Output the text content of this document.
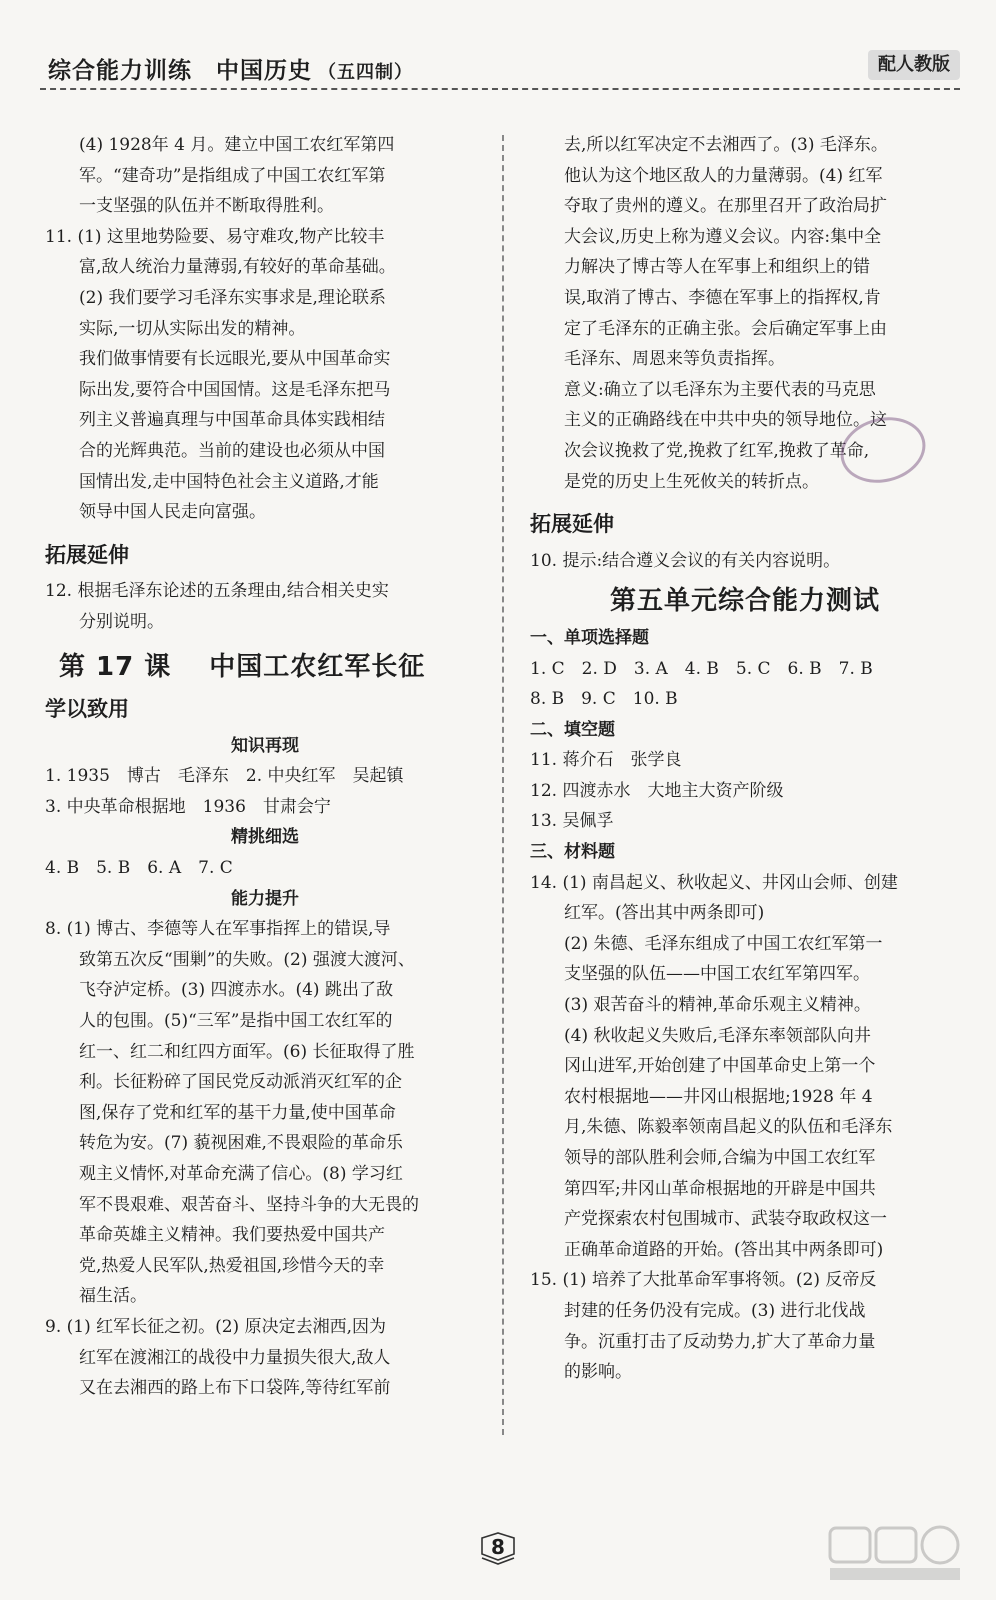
综合能力训练　中国历史 （五四制）	配人教版
(4) 1928年 4 月。建立中国工农红军第四
军。“建奇功”是指组成了中国工农红军第
一支坚强的队伍并不断取得胜利。
11. (1) 这里地势险要、易守难攻,物产比较丰
富,敌人统治力量薄弱,有较好的革命基础。
(2) 我们要学习毛泽东实事求是,理论联系
实际,一切从实际出发的精神。
我们做事情要有长远眼光,要从中国革命实
际出发,要符合中国国情。这是毛泽东把马
列主义普遍真理与中国革命具体实践相结
合的光辉典范。当前的建设也必须从中国
国情出发,走中国特色社会主义道路,才能
领导中国人民走向富强。
拓展延伸
12. 根据毛泽东论述的五条理由,结合相关史实
分别说明。
第 17 课 中国工农红军长征
学以致用
知识再现
1. 1935　博古　毛泽东　2. 中央红军　吴起镇
3. 中央革命根据地　1936　甘肃会宁
精挑细选
4. B　5. B　6. A　7. C
能力提升
8. (1) 博古、李德等人在军事指挥上的错误,导
致第五次反“围剿”的失败。(2) 强渡大渡河、
飞夺泸定桥。(3) 四渡赤水。(4) 跳出了敌
人的包围。(5)“三军”是指中国工农红军的
红一、红二和红四方面军。(6) 长征取得了胜
利。长征粉碎了国民党反动派消灭红军的企
图,保存了党和红军的基干力量,使中国革命
转危为安。(7) 藐视困难,不畏艰险的革命乐
观主义情怀,对革命充满了信心。(8) 学习红
军不畏艰难、艰苦奋斗、坚持斗争的大无畏的
革命英雄主义精神。我们要热爱中国共产
党,热爱人民军队,热爱祖国,珍惜今天的幸
福生活。
9. (1) 红军长征之初。(2) 原决定去湘西,因为
红军在渡湘江的战役中力量损失很大,敌人
又在去湘西的路上布下口袋阵,等待红军前
去,所以红军决定不去湘西了。(3) 毛泽东。
他认为这个地区敌人的力量薄弱。(4) 红军
夺取了贵州的遵义。在那里召开了政治局扩
大会议,历史上称为遵义会议。内容:集中全
力解决了博古等人在军事上和组织上的错
误,取消了博古、李德在军事上的指挥权,肯
定了毛泽东的正确主张。会后确定军事上由
毛泽东、周恩来等负责指挥。
意义:确立了以毛泽东为主要代表的马克思
主义的正确路线在中共中央的领导地位。这
次会议挽救了党,挽救了红军,挽救了革命,
是党的历史上生死攸关的转折点。
拓展延伸
10. 提示:结合遵义会议的有关内容说明。
第五单元综合能力测试
一、单项选择题
1. C　2. D　3. A　4. B　5. C　6. B　7. B
8. B　9. C　10. B
二、填空题
11. 蒋介石　张学良
12. 四渡赤水　大地主大资产阶级
13. 吴佩孚
三、材料题
14. (1) 南昌起义、秋收起义、井冈山会师、创建
红军。(答出其中两条即可)
(2) 朱德、毛泽东组成了中国工农红军第一
支坚强的队伍——中国工农红军第四军。
(3) 艰苦奋斗的精神,革命乐观主义精神。
(4) 秋收起义失败后,毛泽东率领部队向井
冈山进军,开始创建了中国革命史上第一个
农村根据地——井冈山根据地;1928 年 4
月,朱德、陈毅率领南昌起义的队伍和毛泽东
领导的部队胜利会师,合编为中国工农红军
第四军;井冈山革命根据地的开辟是中国共
产党探索农村包围城市、武装夺取政权这一
正确革命道路的开始。(答出其中两条即可)
15. (1) 培养了大批革命军事将领。(2) 反帝反
封建的任务仍没有完成。(3) 进行北伐战
争。沉重打击了反动势力,扩大了革命力量
的影响。
8
